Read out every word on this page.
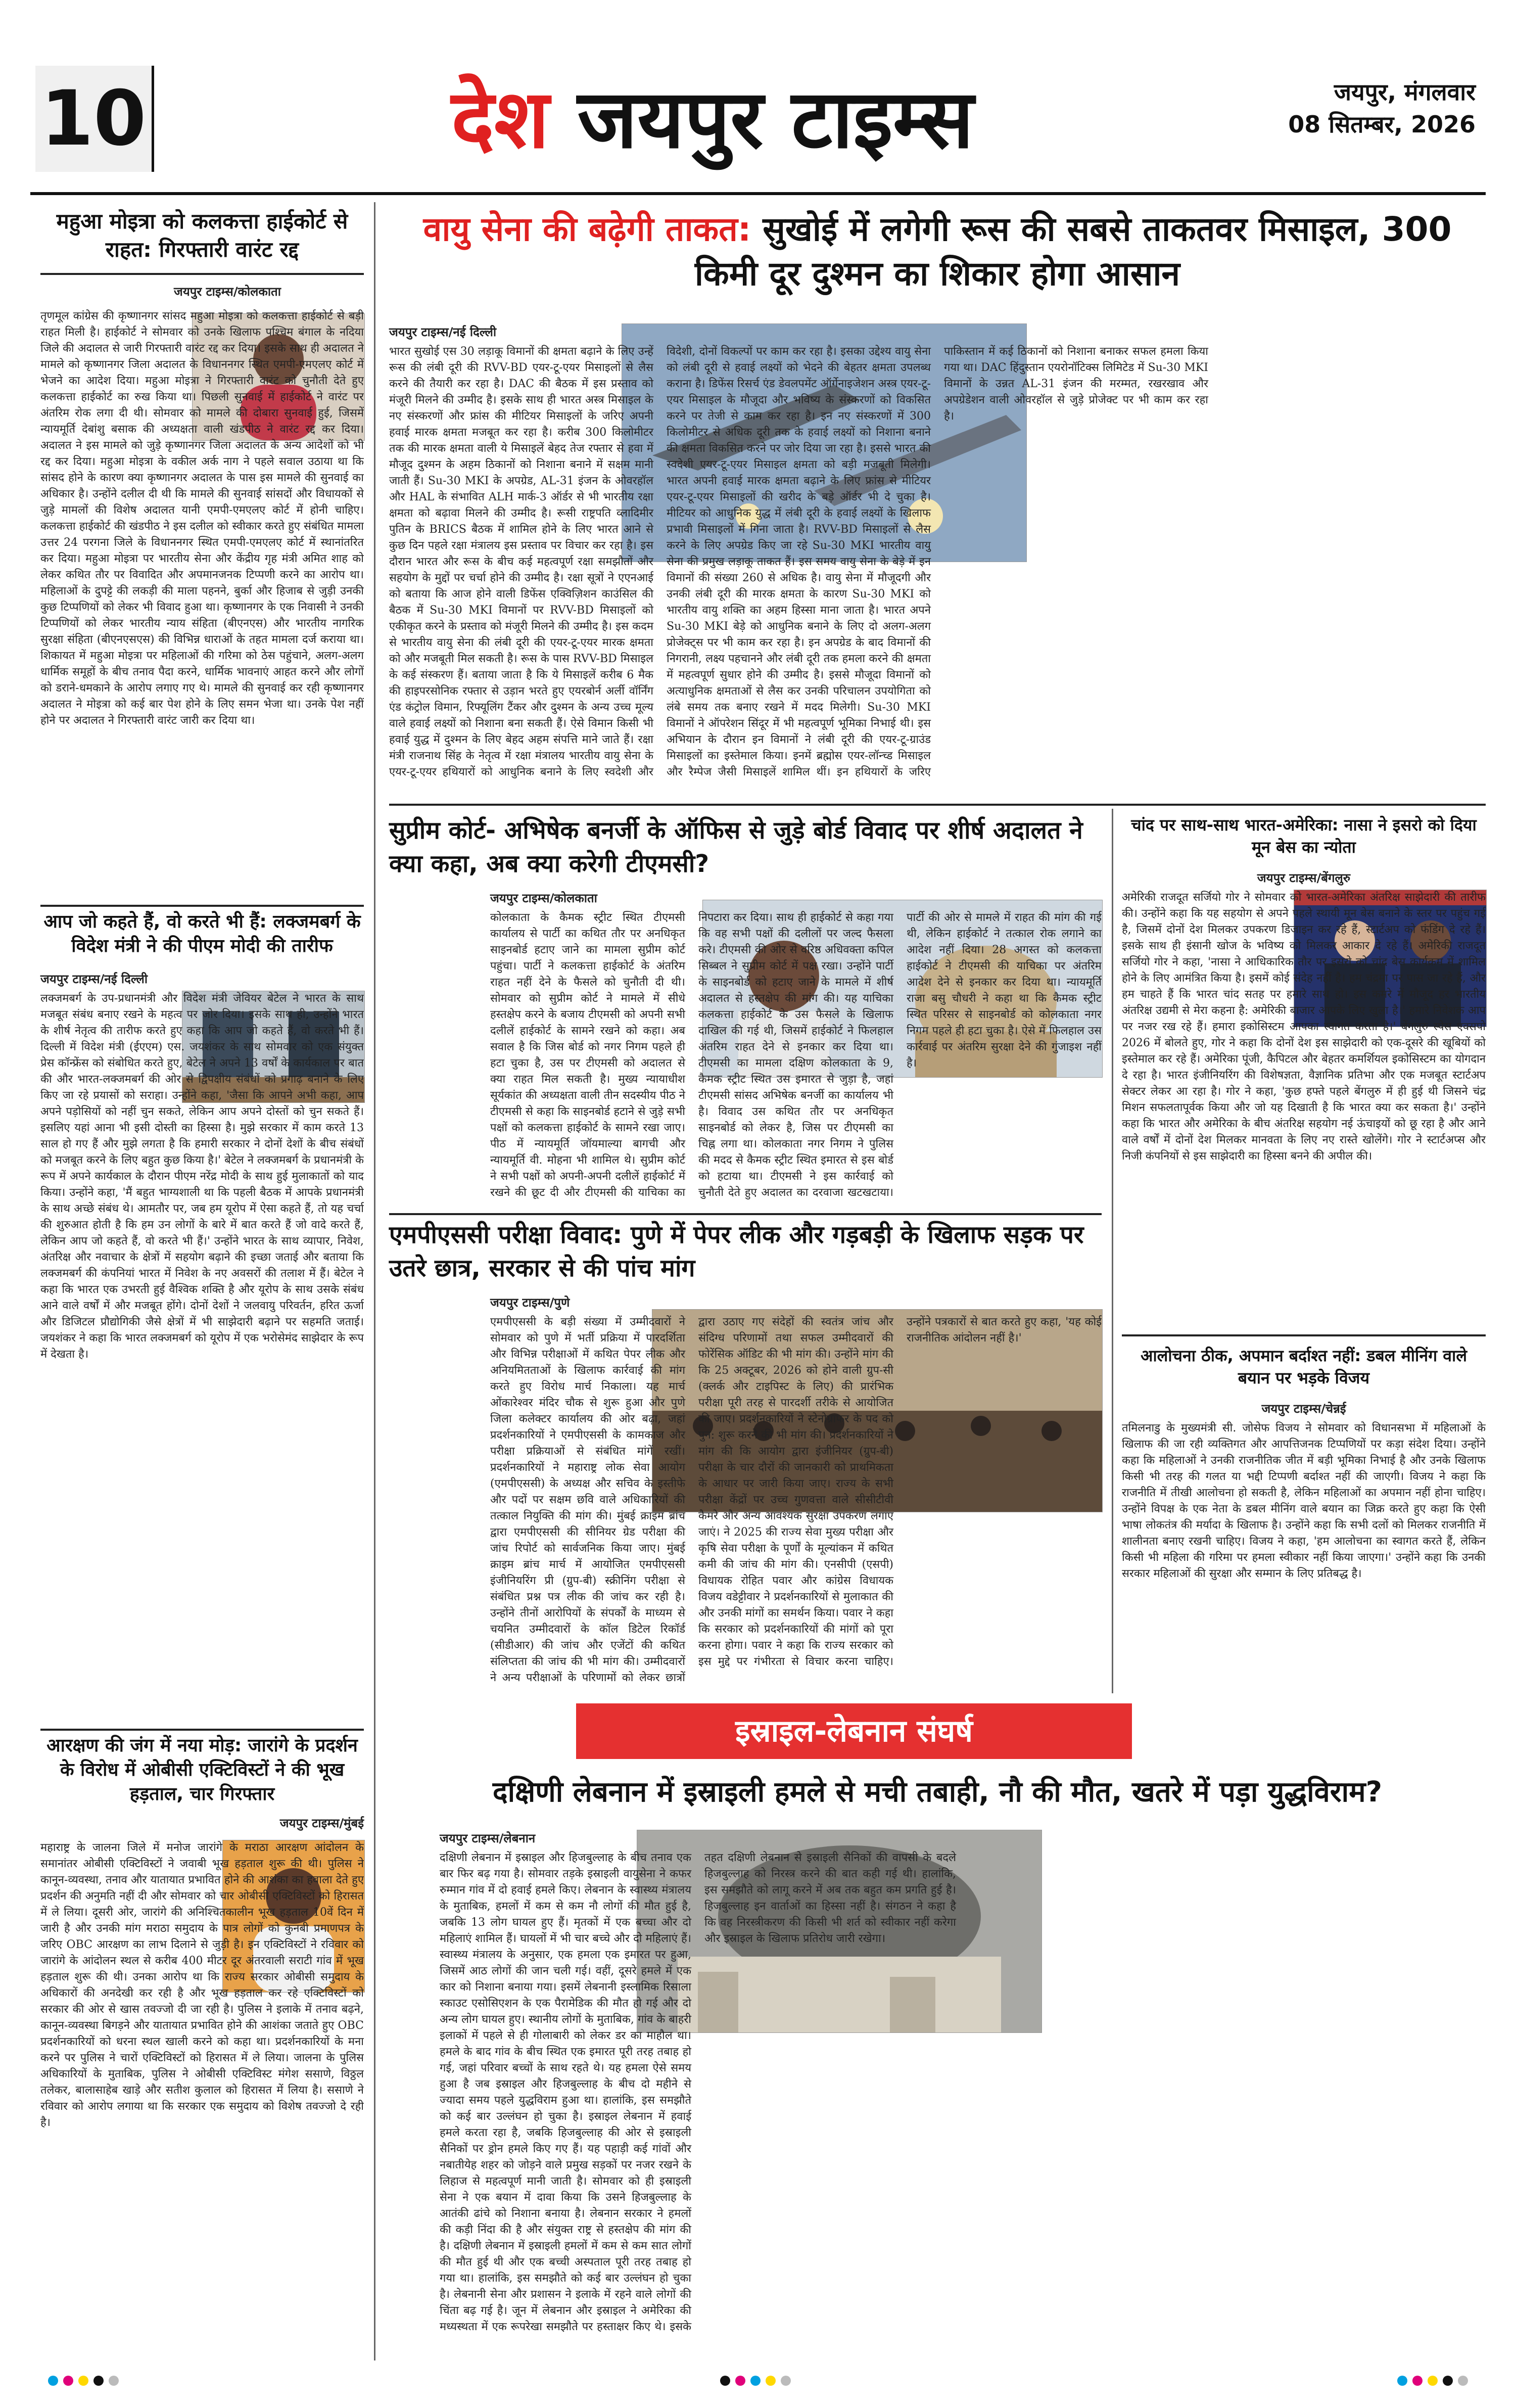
10	देश जयपुर टाइम्स	जयपुर, मंगलवार
08 सितम्बर, 2026
महुआ मोइत्रा को कलकत्ता हाईकोर्ट से राहत: गिरफ्तारी वारंट रद्द
जयपुर टाइम्स/कोलकाता
तृणमूल कांग्रेस की कृष्णानगर सांसद महुआ मोइत्रा को कलकत्ता हाईकोर्ट से बड़ी राहत मिली है। हाईकोर्ट ने सोमवार को उनके खिलाफ पश्चिम बंगाल के नदिया जिले की अदालत से जारी गिरफ्तारी वारंट रद्द कर दिया। इसके साथ ही अदालत ने मामले को कृष्णानगर जिला अदालत के विधाननगर स्थित एमपी-एमएलए कोर्ट में भेजने का आदेश दिया। महुआ मोइत्रा ने गिरफ्तारी वारंट को चुनौती देते हुए कलकत्ता हाईकोर्ट का रुख किया था। पिछली सुनवाई में हाईकोर्ट ने वारंट पर अंतरिम रोक लगा दी थी। सोमवार को मामले की दोबारा सुनवाई हुई, जिसमें न्यायमूर्ति देबांशु बसाक की अध्यक्षता वाली खंडपीठ ने वारंट रद्द कर दिया। अदालत ने इस मामले को जुड़े कृष्णानगर जिला अदालत के अन्य आदेशों को भी रद्द कर दिया। महुआ मोइत्रा के वकील अर्क नाग ने पहले सवाल उठाया था कि सांसद होने के कारण क्या कृष्णानगर अदालत के पास इस मामले की सुनवाई का अधिकार है। उन्होंने दलील दी थी कि मामले की सुनवाई सांसदों और विधायकों से जुड़े मामलों की विशेष अदालत यानी एमपी-एमएलए कोर्ट में होनी चाहिए। कलकत्ता हाईकोर्ट की खंडपीठ ने इस दलील को स्वीकार करते हुए संबंधित मामला उत्तर 24 परगना जिले के विधाननगर स्थित एमपी-एमएलए कोर्ट में स्थानांतरित कर दिया। महुआ मोइत्रा पर भारतीय सेना और केंद्रीय गृह मंत्री अमित शाह को लेकर कथित तौर पर विवादित और अपमानजनक टिप्पणी करने का आरोप था। महिलाओं के दुपट्टे की लकड़ी की माला पहनने, बुर्का और हिजाब से जुड़ी उनकी कुछ टिप्पणियों को लेकर भी विवाद हुआ था। कृष्णानगर के एक निवासी ने उनकी टिप्पणियों को लेकर भारतीय न्याय संहिता (बीएनएस) और भारतीय नागरिक सुरक्षा संहिता (बीएनएसएस) की विभिन्न धाराओं के तहत मामला दर्ज कराया था। शिकायत में महुआ मोइत्रा पर महिलाओं की गरिमा को ठेस पहुंचाने, अलग-अलग धार्मिक समूहों के बीच तनाव पैदा करने, धार्मिक भावनाएं आहत करने और लोगों को डराने-धमकाने के आरोप लगाए गए थे। मामले की सुनवाई कर रही कृष्णानगर अदालत ने मोइत्रा को कई बार पेश होने के लिए समन भेजा था। उनके पेश नहीं होने पर अदालत ने गिरफ्तारी वारंट जारी कर दिया था।
आप जो कहते हैं, वो करते भी हैं: लक्जमबर्ग के विदेश मंत्री ने की पीएम मोदी की तारीफ
जयपुर टाइम्स/नई दिल्ली
लक्जमबर्ग के उप-प्रधानमंत्री और विदेश मंत्री जेवियर बेटेल ने भारत के साथ मजबूत संबंध बनाए रखने के महत्व पर जोर दिया। इसके साथ ही, उन्होंने भारत के शीर्ष नेतृत्व की तारीफ करते हुए कहा कि आप जो कहते हैं, वो करते भी हैं। दिल्ली में विदेश मंत्री (ईएएम) एस. जयशंकर के साथ सोमवार को एक संयुक्त प्रेस कॉन्फ्रेंस को संबोधित करते हुए, बेटेल ने अपने 13 वर्षों के कार्यकाल पर बात की और भारत-लक्जमबर्ग की ओर से द्विपक्षीय संबंधों को प्रगाढ़ बनाने के लिए किए जा रहे प्रयासों को सराहा। उन्होंने कहा, 'जैसा कि आपने अभी कहा, आप अपने पड़ोसियों को नहीं चुन सकते, लेकिन आप अपने दोस्तों को चुन सकते हैं। इसलिए यहां आना भी इसी दोस्ती का हिस्सा है। मुझे सरकार में काम करते 13 साल हो गए हैं और मुझे लगता है कि हमारी सरकार ने दोनों देशों के बीच संबंधों को मजबूत करने के लिए बहुत कुछ किया है।' बेटेल ने लक्जमबर्ग के प्रधानमंत्री के रूप में अपने कार्यकाल के दौरान पीएम नरेंद्र मोदी के साथ हुई मुलाकातों को याद किया। उन्होंने कहा, 'मैं बहुत भाग्यशाली था कि पहली बैठक में आपके प्रधानमंत्री के साथ अच्छे संबंध थे। आमतौर पर, जब हम यूरोप में ऐसा कहते हैं, तो यह चर्चा की शुरुआत होती है कि हम उन लोगों के बारे में बात करते हैं जो वादे करते हैं, लेकिन आप जो कहते हैं, वो करते भी हैं।' उन्होंने भारत के साथ व्यापार, निवेश, अंतरिक्ष और नवाचार के क्षेत्रों में सहयोग बढ़ाने की इच्छा जताई और बताया कि लक्जमबर्ग की कंपनियां भारत में निवेश के नए अवसरों की तलाश में हैं। बेटेल ने कहा कि भारत एक उभरती हुई वैश्विक शक्ति है और यूरोप के साथ उसके संबंध आने वाले वर्षों में और मजबूत होंगे। दोनों देशों ने जलवायु परिवर्तन, हरित ऊर्जा और डिजिटल प्रौद्योगिकी जैसे क्षेत्रों में भी साझेदारी बढ़ाने पर सहमति जताई। जयशंकर ने कहा कि भारत लक्जमबर्ग को यूरोप में एक भरोसेमंद साझेदार के रूप में देखता है।
आरक्षण की जंग में नया मोड़: जारांगे के प्रदर्शन के विरोध में ओबीसी एक्टिविस्टों ने की भूख हड़ताल, चार गिरफ्तार
जयपुर टाइम्स/मुंबई
महाराष्ट्र के जालना जिले में मनोज जारांगे के मराठा आरक्षण आंदोलन के समानांतर ओबीसी एक्टिविस्टों ने जवाबी भूख हड़ताल शुरू की थी। पुलिस ने कानून-व्यवस्था, तनाव और यातायात प्रभावित होने की आशंका का हवाला देते हुए प्रदर्शन की अनुमति नहीं दी और सोमवार को चार ओबीसी एक्टिविस्टों को हिरासत में ले लिया। दूसरी ओर, जारांगे की अनिश्चितकालीन भूख हड़ताल 10वें दिन में जारी है और उनकी मांग मराठा समुदाय के पात्र लोगों को कुनबी प्रमाणपत्र के जरिए OBC आरक्षण का लाभ दिलाने से जुड़ी है। इन एक्टिविस्टों ने रविवार को जारांगे के आंदोलन स्थल से करीब 400 मीटर दूर अंतरवाली सराटी गांव में भूख हड़ताल शुरू की थी। उनका आरोप था कि राज्य सरकार ओबीसी समुदाय के अधिकारों की अनदेखी कर रही है और भूख हड़ताल कर रहे एक्टिविस्टों को सरकार की ओर से खास तवज्जो दी जा रही है। पुलिस ने इलाके में तनाव बढ़ने, कानून-व्यवस्था बिगड़ने और यातायात प्रभावित होने की आशंका जताते हुए OBC प्रदर्शनकारियों को धरना स्थल खाली करने को कहा था। प्रदर्शनकारियों के मना करने पर पुलिस ने चारों एक्टिविस्टों को हिरासत में ले लिया। जालना के पुलिस अधिकारियों के मुताबिक, पुलिस ने ओबीसी एक्टिविस्ट मंगेश ससाणे, विठ्ठल तलेकर, बालासाहेब खाड़े और सतीश कुलाल को हिरासत में लिया है। ससाणे ने रविवार को आरोप लगाया था कि सरकार एक समुदाय को विशेष तवज्जो दे रही है।
वायु सेना की बढ़ेगी ताकत: सुखोई में लगेगी रूस की सबसे ताकतवर मिसाइल, 300 किमी दूर दुश्मन का शिकार होगा आसान
जयपुर टाइम्स/नई दिल्ली
भारत सुखोई एस 30 लड़ाकू विमानों की क्षमता बढ़ाने के लिए उन्हें रूस की लंबी दूरी की RVV-BD एयर-टू-एयर मिसाइलों से लैस करने की तैयारी कर रहा है। DAC की बैठक में इस प्रस्ताव को मंजूरी मिलने की उम्मीद है। इसके साथ ही भारत अस्त्र मिसाइल के नए संस्करणों और फ्रांस की मीटियर मिसाइलों के जरिए अपनी हवाई मारक क्षमता मजबूत कर रहा है। करीब 300 किलोमीटर तक की मारक क्षमता वाली ये मिसाइलें बेहद तेज रफ्तार से हवा में मौजूद दुश्मन के अहम ठिकानों को निशाना बनाने में सक्षम मानी जाती हैं। Su-30 MKI के अपग्रेड, AL-31 इंजन के ओवरहॉल और HAL के संभावित ALH मार्क-3 ऑर्डर से भी भारतीय रक्षा क्षमता को बढ़ावा मिलने की उम्मीद है। रूसी राष्ट्रपति व्लादिमीर पुतिन के BRICS बैठक में शामिल होने के लिए भारत आने से कुछ दिन पहले रक्षा मंत्रालय इस प्रस्ताव पर विचार कर रहा है। इस दौरान भारत और रूस के बीच कई महत्वपूर्ण रक्षा समझौतों और सहयोग के मुद्दों पर चर्चा होने की उम्मीद है। रक्षा सूत्रों ने एएनआई को बताया कि आज होने वाली डिफेंस एक्विज़िशन काउंसिल की बैठक में Su-30 MKI विमानों पर RVV-BD मिसाइलों को एकीकृत करने के प्रस्ताव को मंजूरी मिलने की उम्मीद है। इस कदम से भारतीय वायु सेना की लंबी दूरी की एयर-टू-एयर मारक क्षमता को और मजबूती मिल सकती है। रूस के पास RVV-BD मिसाइल के कई संस्करण हैं। बताया जाता है कि ये मिसाइलें करीब 6 मैक की हाइपरसोनिक रफ्तार से उड़ान भरते हुए एयरबोर्न अर्ली वॉर्निंग एंड कंट्रोल विमान, रिफ्यूलिंग टैंकर और दुश्मन के अन्य उच्च मूल्य वाले हवाई लक्ष्यों को निशाना बना सकती हैं। ऐसे विमान किसी भी हवाई युद्ध में दुश्मन के लिए बेहद अहम संपत्ति माने जाते हैं। रक्षा मंत्री राजनाथ सिंह के नेतृत्व में रक्षा मंत्रालय भारतीय वायु सेना के एयर-टू-एयर हथियारों को आधुनिक बनाने के लिए स्वदेशी और विदेशी, दोनों विकल्पों पर काम कर रहा है। इसका उद्देश्य वायु सेना को लंबी दूरी से हवाई लक्ष्यों को भेदने की बेहतर क्षमता उपलब्ध कराना है। डिफेंस रिसर्च एंड डेवलपमेंट ऑर्गेनाइजेशन अस्त्र एयर-टू-एयर मिसाइल के मौजूदा और भविष्य के संस्करणों को विकसित करने पर तेजी से काम कर रहा है। इन नए संस्करणों में 300 किलोमीटर से अधिक दूरी तक के हवाई लक्ष्यों को निशाना बनाने की क्षमता विकसित करने पर जोर दिया जा रहा है। इससे भारत की स्वदेशी एयर-टू-एयर मिसाइल क्षमता को बड़ी मजबूती मिलेगी। भारत अपनी हवाई मारक क्षमता बढ़ाने के लिए फ्रांस से मीटियर एयर-टू-एयर मिसाइलों की खरीद के बड़े ऑर्डर भी दे चुका है। मीटियर को आधुनिक युद्ध में लंबी दूरी के हवाई लक्ष्यों के खिलाफ प्रभावी मिसाइलों में गिना जाता है। RVV-BD मिसाइलों से लैस करने के लिए अपग्रेड किए जा रहे Su-30 MKI भारतीय वायु सेना की प्रमुख लड़ाकू ताकत हैं। इस समय वायु सेना के बेड़े में इन विमानों की संख्या 260 से अधिक है। वायु सेना में मौजूदगी और उनकी लंबी दूरी की मारक क्षमता के कारण Su-30 MKI को भारतीय वायु शक्ति का अहम हिस्सा माना जाता है। भारत अपने Su-30 MKI बेड़े को आधुनिक बनाने के लिए दो अलग-अलग प्रोजेक्ट्स पर भी काम कर रहा है। इन अपग्रेड के बाद विमानों की निगरानी, लक्ष्य पहचानने और लंबी दूरी तक हमला करने की क्षमता में महत्वपूर्ण सुधार होने की उम्मीद है। इससे मौजूदा विमानों को अत्याधुनिक क्षमताओं से लैस कर उनकी परिचालन उपयोगिता को लंबे समय तक बनाए रखने में मदद मिलेगी। Su-30 MKI विमानों ने ऑपरेशन सिंदूर में भी महत्वपूर्ण भूमिका निभाई थी। इस अभियान के दौरान इन विमानों ने लंबी दूरी की एयर-टू-ग्राउंड मिसाइलों का इस्तेमाल किया। इनमें ब्रह्मोस एयर-लॉन्च्ड मिसाइल और रैम्पेज जैसी मिसाइलें शामिल थीं। इन हथियारों के जरिए पाकिस्तान में कई ठिकानों को निशाना बनाकर सफल हमला किया गया था। DAC हिंदुस्तान एयरोनॉटिक्स लिमिटेड में Su-30 MKI विमानों के उन्नत AL-31 इंजन की मरम्मत, रखरखाव और अपग्रेडेशन वाली ओवरहॉल से जुड़े प्रोजेक्ट पर भी काम कर रहा है।
सुप्रीम कोर्ट- अभिषेक बनर्जी के ऑफिस से जुड़े बोर्ड विवाद पर शीर्ष अदालत ने क्या कहा, अब क्या करेगी टीएमसी?
जयपुर टाइम्स/कोलकाता
कोलकाता के कैमक स्ट्रीट स्थित टीएमसी कार्यालय से पार्टी का कथित तौर पर अनधिकृत साइनबोर्ड हटाए जाने का मामला सुप्रीम कोर्ट पहुंचा। पार्टी ने कलकत्ता हाईकोर्ट के अंतरिम राहत नहीं देने के फैसले को चुनौती दी थी। सोमवार को सुप्रीम कोर्ट ने मामले में सीधे हस्तक्षेप करने के बजाय टीएमसी को अपनी सभी दलीलें हाईकोर्ट के सामने रखने को कहा। अब सवाल है कि जिस बोर्ड को नगर निगम पहले ही हटा चुका है, उस पर टीएमसी को अदालत से क्या राहत मिल सकती है। मुख्य न्यायाधीश सूर्यकांत की अध्यक्षता वाली तीन सदस्यीय पीठ ने टीएमसी से कहा कि साइनबोर्ड हटाने से जुड़े सभी पक्षों को कलकत्ता हाईकोर्ट के सामने रखा जाए। पीठ में न्यायमूर्ति जॉयमाल्या बागची और न्यायमूर्ति वी. मोहना भी शामिल थे। सुप्रीम कोर्ट ने सभी पक्षों को अपनी-अपनी दलीलें हाईकोर्ट में रखने की छूट दी और टीएमसी की याचिका का निपटारा कर दिया। साथ ही हाईकोर्ट से कहा गया कि वह सभी पक्षों की दलीलों पर जल्द फैसला करे। टीएमसी की ओर से वरिष्ठ अधिवक्ता कपिल सिब्बल ने सुप्रीम कोर्ट में पक्ष रखा। उन्होंने पार्टी के साइनबोर्ड को हटाए जाने के मामले में शीर्ष अदालत से हस्तक्षेप की मांग की। यह याचिका कलकत्ता हाईकोर्ट के उस फैसले के खिलाफ दाखिल की गई थी, जिसमें हाईकोर्ट ने फिलहाल अंतरिम राहत देने से इनकार कर दिया था। टीएमसी का मामला दक्षिण कोलकाता के 9, कैमक स्ट्रीट स्थित उस इमारत से जुड़ा है, जहां टीएमसी सांसद अभिषेक बनर्जी का कार्यालय भी है। विवाद उस कथित तौर पर अनधिकृत साइनबोर्ड को लेकर है, जिस पर टीएमसी का चिह्न लगा था। कोलकाता नगर निगम ने पुलिस की मदद से कैमक स्ट्रीट स्थित इमारत से इस बोर्ड को हटाया था। टीएमसी ने इस कार्रवाई को चुनौती देते हुए अदालत का दरवाजा खटखटाया। पार्टी की ओर से मामले में राहत की मांग की गई थी, लेकिन हाईकोर्ट ने तत्काल रोक लगाने का आदेश नहीं दिया। 28 अगस्त को कलकत्ता हाईकोर्ट ने टीएमसी की याचिका पर अंतरिम आदेश देने से इनकार कर दिया था। न्यायमूर्ति राजा बसु चौधरी ने कहा था कि कैमक स्ट्रीट स्थित परिसर से साइनबोर्ड को कोलकाता नगर निगम पहले ही हटा चुका है। ऐसे में फिलहाल उस कार्रवाई पर अंतरिम सुरक्षा देने की गुंजाइश नहीं है।
एमपीएससी परीक्षा विवाद: पुणे में पेपर लीक और गड़बड़ी के खिलाफ सड़क पर उतरे छात्र, सरकार से की पांच मांग
जयपुर टाइम्स/पुणे
एमपीएससी के बड़ी संख्या में उम्मीदवारों ने सोमवार को पुणे में भर्ती प्रक्रिया में पारदर्शिता और विभिन्न परीक्षाओं में कथित पेपर लीक और अनियमितताओं के खिलाफ कार्रवाई की मांग करते हुए विरोध मार्च निकाला। यह मार्च ओंकारेश्वर मंदिर चौक से शुरू हुआ और पुणे जिला कलेक्टर कार्यालय की ओर बढ़ा, जहां प्रदर्शनकारियों ने एमपीएससी के कामकाज और परीक्षा प्रक्रियाओं से संबंधित मांगें रखीं। प्रदर्शनकारियों ने महाराष्ट्र लोक सेवा आयोग (एमपीएससी) के अध्यक्ष और सचिव के इस्तीफे और पदों पर सक्षम छवि वाले अधिकारियों की तत्काल नियुक्ति की मांग की। मुंबई क्राइम ब्रांच द्वारा एमपीएससी की सीनियर ग्रेड परीक्षा की जांच रिपोर्ट को सार्वजनिक किया जाए। मुंबई क्राइम ब्रांच मार्च में आयोजित एमपीएससी इंजीनियरिंग प्री (ग्रुप-बी) स्क्रीनिंग परीक्षा से संबंधित प्रश्न पत्र लीक की जांच कर रही है। उन्होंने तीनों आरोपियों के संपर्कों के माध्यम से चयनित उम्मीदवारों के कॉल डिटेल रिकॉर्ड (सीडीआर) की जांच और एजेंटों की कथित संलिप्तता की जांच की भी मांग की। उम्मीदवारों ने अन्य परीक्षाओं के परिणामों को लेकर छात्रों द्वारा उठाए गए संदेहों की स्वतंत्र जांच और संदिग्ध परिणामों तथा सफल उम्मीदवारों की फोरेंसिक ऑडिट की भी मांग की। उन्होंने मांग की कि 25 अक्टूबर, 2026 को होने वाली ग्रुप-सी (क्लर्क और टाइपिस्ट के लिए) की प्रारंभिक परीक्षा पूरी तरह से पारदर्शी तरीके से आयोजित की जाए। प्रदर्शनकारियों ने स्टेनोग्राफर के पद को पुन: शुरू करने की भी मांग की। प्रदर्शनकारियों ने मांग की कि आयोग द्वारा इंजीनियर (ग्रुप-बी) परीक्षा के चार दौरों की जानकारी को प्राथमिकता के आधार पर जारी किया जाए। राज्य के सभी परीक्षा केंद्रों पर उच्च गुणवत्ता वाले सीसीटीवी कैमरे और अन्य आवश्यक सुरक्षा उपकरण लगाए जाएं। ने 2025 की राज्य सेवा मुख्य परीक्षा और कृषि सेवा परीक्षा के पूर्णों के मूल्यांकन में कथित कमी की जांच की मांग की। एनसीपी (एसपी) विधायक रोहित पवार और कांग्रेस विधायक विजय वडेट्टीवार ने प्रदर्शनकारियों से मुलाकात की और उनकी मांगों का समर्थन किया। पवार ने कहा कि सरकार को प्रदर्शनकारियों की मांगों को पूरा करना होगा। पवार ने कहा कि राज्य सरकार को इस मुद्दे पर गंभीरता से विचार करना चाहिए। उन्होंने पत्रकारों से बात करते हुए कहा, 'यह कोई राजनीतिक आंदोलन नहीं है।'
चांद पर साथ-साथ भारत-अमेरिका: नासा ने इसरो को दिया मून बेस का न्योता
जयपुर टाइम्स/बेंगलुरु
अमेरिकी राजदूत सर्जियो गोर ने सोमवार को भारत-अमेरिका अंतरिक्ष साझेदारी की तारीफ की। उन्होंने कहा कि यह सहयोग से अपने पहले स्थायी मून बेस बनाने के स्तर पर पहुंच गई है, जिसमें दोनों देश मिलकर उपकरण डिजाइन कर रहे हैं, स्टार्टअप को फंडिंग दे रहे हैं। इसके साथ ही इंसानी खोज के भविष्य को मिलकर आकार दे रहे हैं। अमेरिकी राजदूत सर्जियो गोर ने कहा, 'नासा ने आधिकारिक तौर पर इसरो को चांद बेस कार्यक्रम में शामिल होने के लिए आमंत्रित किया है। इसमें कोई संदेह नहीं है। हम चंद्रमा पर पास जा रहे हैं, और हम चाहते हैं कि भारत चांद सतह पर हमारे साथ हो। इस कमरे में मौजूद हर भारतीय अंतरिक्ष उद्यमी से मेरा कहना है: अमेरिकी बाजार आपके लिए खुला है।' हमारे निवेशक आप पर नजर रख रहे हैं। हमारा इकोसिस्टम आपका स्वागत करता है।' बेंगलुरु स्पेस एक्सपो 2026 में बोलते हुए, गोर ने कहा कि दोनों देश इस साझेदारी को एक-दूसरे की खूबियों को इस्तेमाल कर रहे हैं। अमेरिका पूंजी, कैपिटल और बेहतर कमर्शियल इकोसिस्टम का योगदान दे रहा है। भारत इंजीनियरिंग की विशेषज्ञता, वैज्ञानिक प्रतिभा और एक मजबूत स्टार्टअप सेक्टर लेकर आ रहा है। गोर ने कहा, 'कुछ हफ्ते पहले बेंगलुरु में ही हुई थी जिसने चंद्र मिशन सफलतापूर्वक किया और जो यह दिखाती है कि भारत क्या कर सकता है।' उन्होंने कहा कि भारत और अमेरिका के बीच अंतरिक्ष सहयोग नई ऊंचाइयों को छू रहा है और आने वाले वर्षों में दोनों देश मिलकर मानवता के लिए नए रास्ते खोलेंगे। गोर ने स्टार्टअप्स और निजी कंपनियों से इस साझेदारी का हिस्सा बनने की अपील की।
आलोचना ठीक, अपमान बर्दाश्त नहीं: डबल मीनिंग वाले बयान पर भड़के विजय
जयपुर टाइम्स/चेन्नई
तमिलनाडु के मुख्यमंत्री सी. जोसेफ विजय ने सोमवार को विधानसभा में महिलाओं के खिलाफ की जा रही व्यक्तिगत और आपत्तिजनक टिप्पणियों पर कड़ा संदेश दिया। उन्होंने कहा कि महिलाओं ने उनकी राजनीतिक जीत में बड़ी भूमिका निभाई है और उनके खिलाफ किसी भी तरह की गलत या भद्दी टिप्पणी बर्दाश्त नहीं की जाएगी। विजय ने कहा कि राजनीति में तीखी आलोचना हो सकती है, लेकिन महिलाओं का अपमान नहीं होना चाहिए। उन्होंने विपक्ष के एक नेता के डबल मीनिंग वाले बयान का जिक्र करते हुए कहा कि ऐसी भाषा लोकतंत्र की मर्यादा के खिलाफ है। उन्होंने कहा कि सभी दलों को मिलकर राजनीति में शालीनता बनाए रखनी चाहिए। विजय ने कहा, 'हम आलोचना का स्वागत करते हैं, लेकिन किसी भी महिला की गरिमा पर हमला स्वीकार नहीं किया जाएगा।' उन्होंने कहा कि उनकी सरकार महिलाओं की सुरक्षा और सम्मान के लिए प्रतिबद्ध है।
इस्राइल-लेबनान संघर्ष
दक्षिणी लेबनान में इस्राइली हमले से मची तबाही, नौ की मौत, खतरे में पड़ा युद्धविराम?
जयपुर टाइम्स/लेबनान
दक्षिणी लेबनान में इस्राइल और हिजबुल्लाह के बीच तनाव एक बार फिर बढ़ गया है। सोमवार तड़के इस्राइली वायुसेना ने कफर रुम्मान गांव में दो हवाई हमले किए। लेबनान के स्वास्थ्य मंत्रालय के मुताबिक, हमलों में कम से कम नौ लोगों की मौत हुई है, जबकि 13 लोग घायल हुए हैं। मृतकों में एक बच्चा और दो महिलाएं शामिल हैं। घायलों में भी चार बच्चे और दो महिलाएं हैं। स्वास्थ्य मंत्रालय के अनुसार, एक हमला एक इमारत पर हुआ, जिसमें आठ लोगों की जान चली गई। वहीं, दूसरे हमले में एक कार को निशाना बनाया गया। इसमें लेबनानी इस्लामिक रिसाला स्काउट एसोसिएशन के एक पैरामेडिक की मौत हो गई और दो अन्य लोग घायल हुए। स्थानीय लोगों के मुताबिक, गांव के बाहरी इलाकों में पहले से ही गोलाबारी को लेकर डर का माहौल था। हमले के बाद गांव के बीच स्थित एक इमारत पूरी तरह तबाह हो गई, जहां परिवार बच्चों के साथ रहते थे। यह हमला ऐसे समय हुआ है जब इस्राइल और हिजबुल्लाह के बीच दो महीने से ज्यादा समय पहले युद्धविराम हुआ था। हालांकि, इस समझौते को कई बार उल्लंघन हो चुका है। इस्राइल लेबनान में हवाई हमले करता रहा है, जबकि हिजबुल्लाह की ओर से इस्राइली सैनिकों पर ड्रोन हमले किए गए हैं। यह पहाड़ी कई गांवों और नबातीयेह शहर को जोड़ने वाले प्रमुख सड़कों पर नजर रखने के लिहाज से महत्वपूर्ण मानी जाती है। सोमवार को ही इस्राइली सेना ने एक बयान में दावा किया कि उसने हिजबुल्लाह के आतंकी ढांचे को निशाना बनाया है। लेबनान सरकार ने हमलों की कड़ी निंदा की है और संयुक्त राष्ट्र से हस्तक्षेप की मांग की है। दक्षिणी लेबनान में इस्राइली हमलों में कम से कम सात लोगों की मौत हुई थी और एक बच्ची अस्पताल पूरी तरह तबाह हो गया था। हालांकि, इस समझौते को कई बार उल्लंघन हो चुका है। लेबनानी सेना और प्रशासन ने इलाके में रहने वाले लोगों की चिंता बढ़ गई है। जून में लेबनान और इस्राइल ने अमेरिका की मध्यस्थता में एक रूपरेखा समझौते पर हस्ताक्षर किए थे। इसके तहत दक्षिणी लेबनान से इस्राइली सैनिकों की वापसी के बदले हिजबुल्लाह को निरस्त्र करने की बात कही गई थी। हालांकि, इस समझौते को लागू करने में अब तक बहुत कम प्रगति हुई है। हिजबुल्लाह इन वार्ताओं का हिस्सा नहीं है। संगठन ने कहा है कि वह निरस्त्रीकरण की किसी भी शर्त को स्वीकार नहीं करेगा और इस्राइल के खिलाफ प्रतिरोध जारी रखेगा।
